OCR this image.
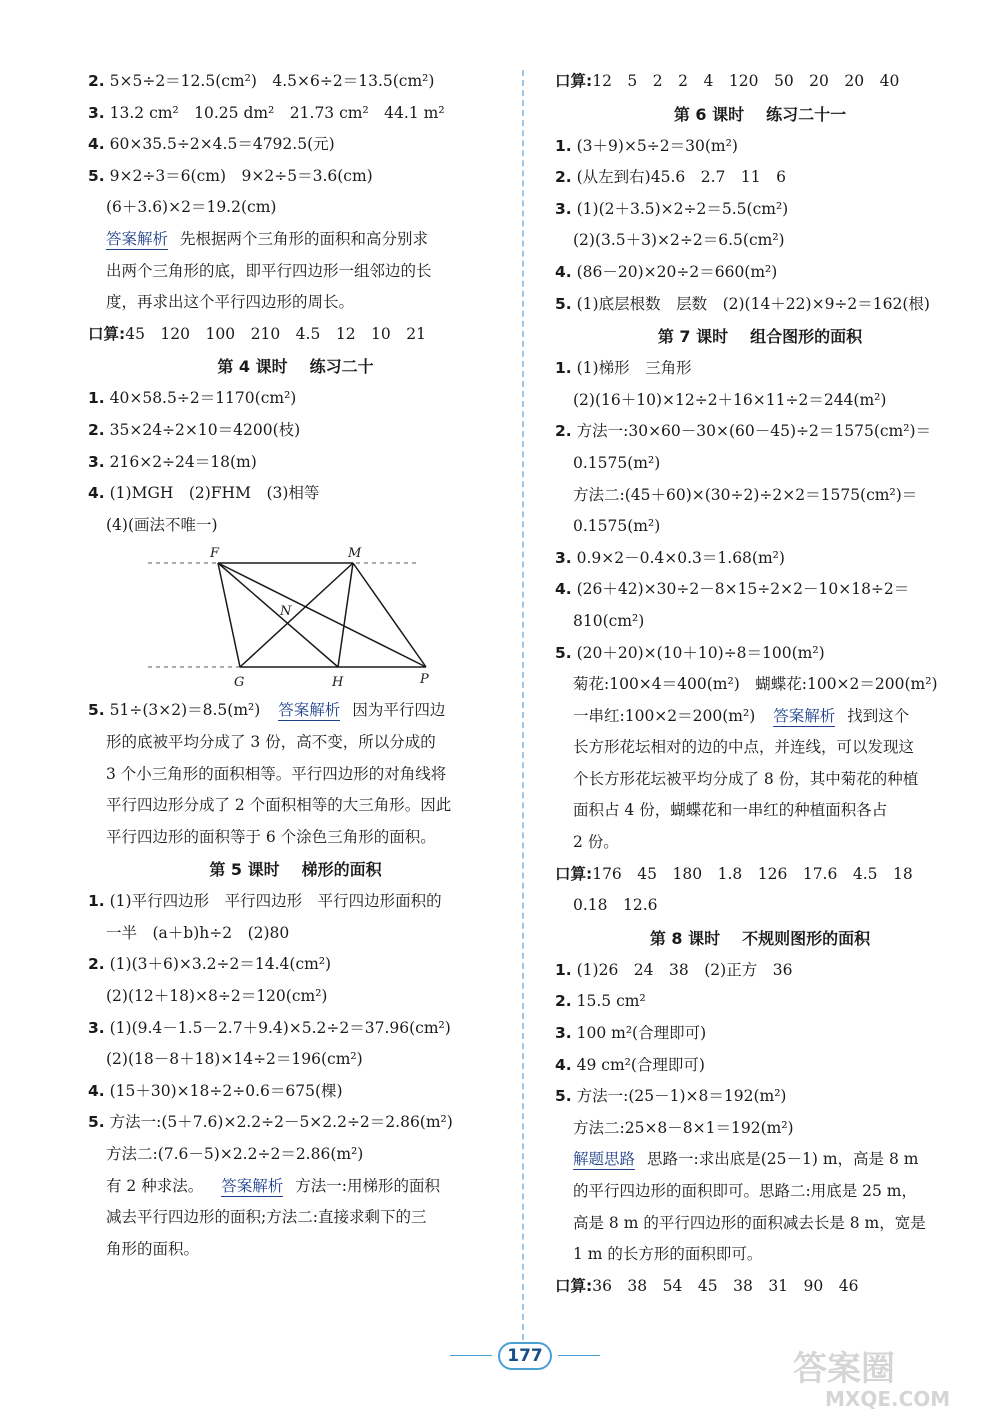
2. 5×5÷2＝12.5(cm²)　4.5×6÷2＝13.5(cm²)
3. 13.2 cm²　10.25 dm²　21.73 cm²　44.1 m²
4. 60×35.5÷2×4.5＝4792.5(元)
5. 9×2÷3＝6(cm)　9×2÷5＝3.6(cm)
(6＋3.6)×2＝19.2(cm)
答案解析 先根据两个三角形的面积和高分别求
出两个三角形的底，即平行四边形一组邻边的长
度，再求出这个平行四边形的周长。
口算:45　120　100　210　4.5　12　10　21
第 4 课时 练习二十
1. 40×58.5÷2＝1170(cm²)
2. 35×24÷2×10＝4200(枝)
3. 216×2÷24＝18(m)
4. (1)MGH　(2)FHM　(3)相等
(4)(画法不唯一)
F	M
N
G	H	P
5. 51÷(3×2)＝8.5(m²) 答案解析 因为平行四边
形的底被平均分成了 3 份，高不变，所以分成的
3 个小三角形的面积相等。平行四边形的对角线将
平行四边形分成了 2 个面积相等的大三角形。因此
平行四边形的面积等于 6 个涂色三角形的面积。
第 5 课时 梯形的面积
1. (1)平行四边形　平行四边形　平行四边形面积的
一半　(a＋b)h÷2　(2)80
2. (1)(3＋6)×3.2÷2＝14.4(cm²)
(2)(12＋18)×8÷2＝120(cm²)
3. (1)(9.4－1.5－2.7＋9.4)×5.2÷2＝37.96(cm²)
(2)(18－8＋18)×14÷2＝196(cm²)
4. (15＋30)×18÷2÷0.6＝675(棵)
5. 方法一:(5＋7.6)×2.2÷2－5×2.2÷2＝2.86(m²)
方法二:(7.6－5)×2.2÷2＝2.86(m²)
有 2 种求法。 答案解析 方法一:用梯形的面积
减去平行四边形的面积;方法二:直接求剩下的三
角形的面积。
口算:12　5　2　2　4　120　50　20　20　40
第 6 课时 练习二十一
1. (3＋9)×5÷2＝30(m²)
2. (从左到右)45.6　2.7　11　6
3. (1)(2＋3.5)×2÷2＝5.5(cm²)
(2)(3.5＋3)×2÷2＝6.5(cm²)
4. (86－20)×20÷2＝660(m²)
5. (1)底层根数　层数　(2)(14＋22)×9÷2＝162(根)
第 7 课时 组合图形的面积
1. (1)梯形　三角形
(2)(16＋10)×12÷2＋16×11÷2＝244(m²)
2. 方法一:30×60－30×(60－45)÷2＝1575(cm²)＝
0.1575(m²)
方法二:(45＋60)×(30÷2)÷2×2＝1575(cm²)＝
0.1575(m²)
3. 0.9×2－0.4×0.3＝1.68(m²)
4. (26＋42)×30÷2－8×15÷2×2－10×18÷2＝
810(cm²)
5. (20＋20)×(10＋10)÷8＝100(m²)
菊花:100×4＝400(m²)　蝴蝶花:100×2＝200(m²)
一串红:100×2＝200(m²) 答案解析 找到这个
长方形花坛相对的边的中点，并连线，可以发现这
个长方形花坛被平均分成了 8 份，其中菊花的种植
面积占 4 份，蝴蝶花和一串红的种植面积各占
2 份。
口算:176　45　180　1.8　126　17.6　4.5　18
0.18　12.6
第 8 课时 不规则图形的面积
1. (1)26　24　38　(2)正方　36
2. 15.5 cm²
3. 100 m²(合理即可)
4. 49 cm²(合理即可)
5. 方法一:(25－1)×8＝192(m²)
方法二:25×8－8×1＝192(m²)
解题思路 思路一:求出底是(25－1) m，高是 8 m
的平行四边形的面积即可。思路二:用底是 25 m，
高是 8 m 的平行四边形的面积减去长是 8 m，宽是
1 m 的长方形的面积即可。
口算:36　38　54　45　38　31　90　46
177	答案圈
MXQE.COM
